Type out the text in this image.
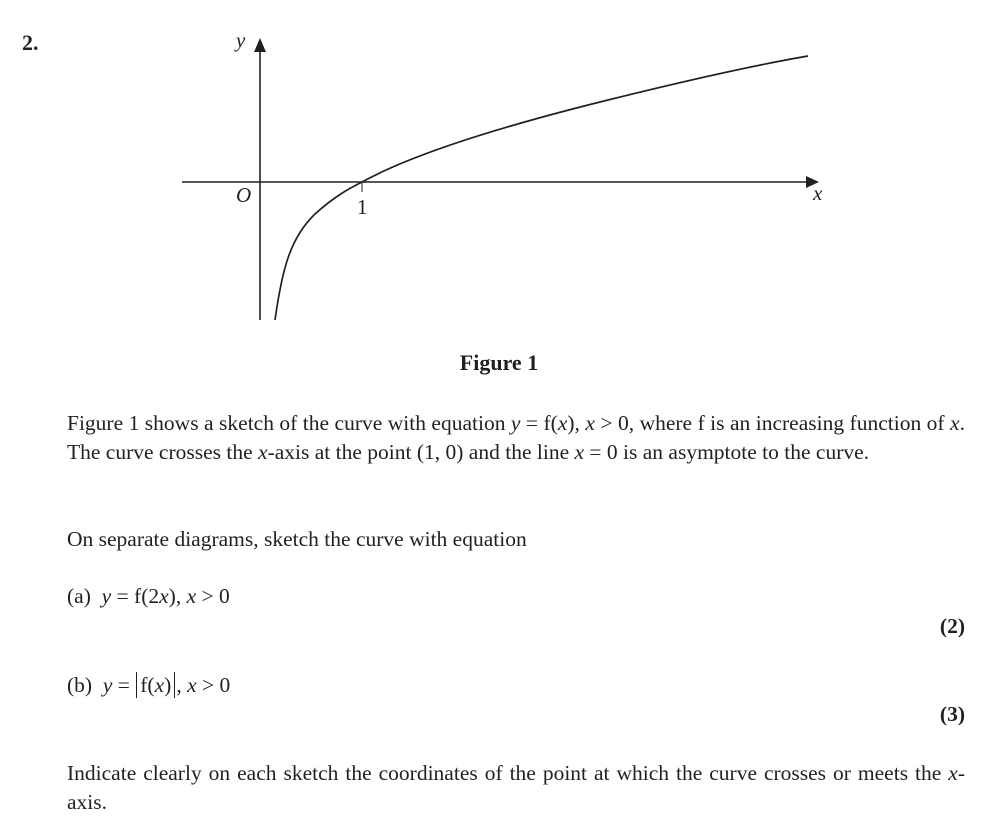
2.	y
x
O	1
Figure 1
Figure 1 shows a sketch of the curve with equation y = f(x), x > 0, where f is an increasing function of x. The curve crosses the x-axis at the point (1, 0) and the line x = 0 is an asymptote to the curve.
On separate diagrams, sketch the curve with equation
(a) y = f(2x), x > 0
(2)
(b) y = f(x) , x > 0
(3)
Indicate clearly on each sketch the coordinates of the point at which the curve crosses or meets the x-axis.
